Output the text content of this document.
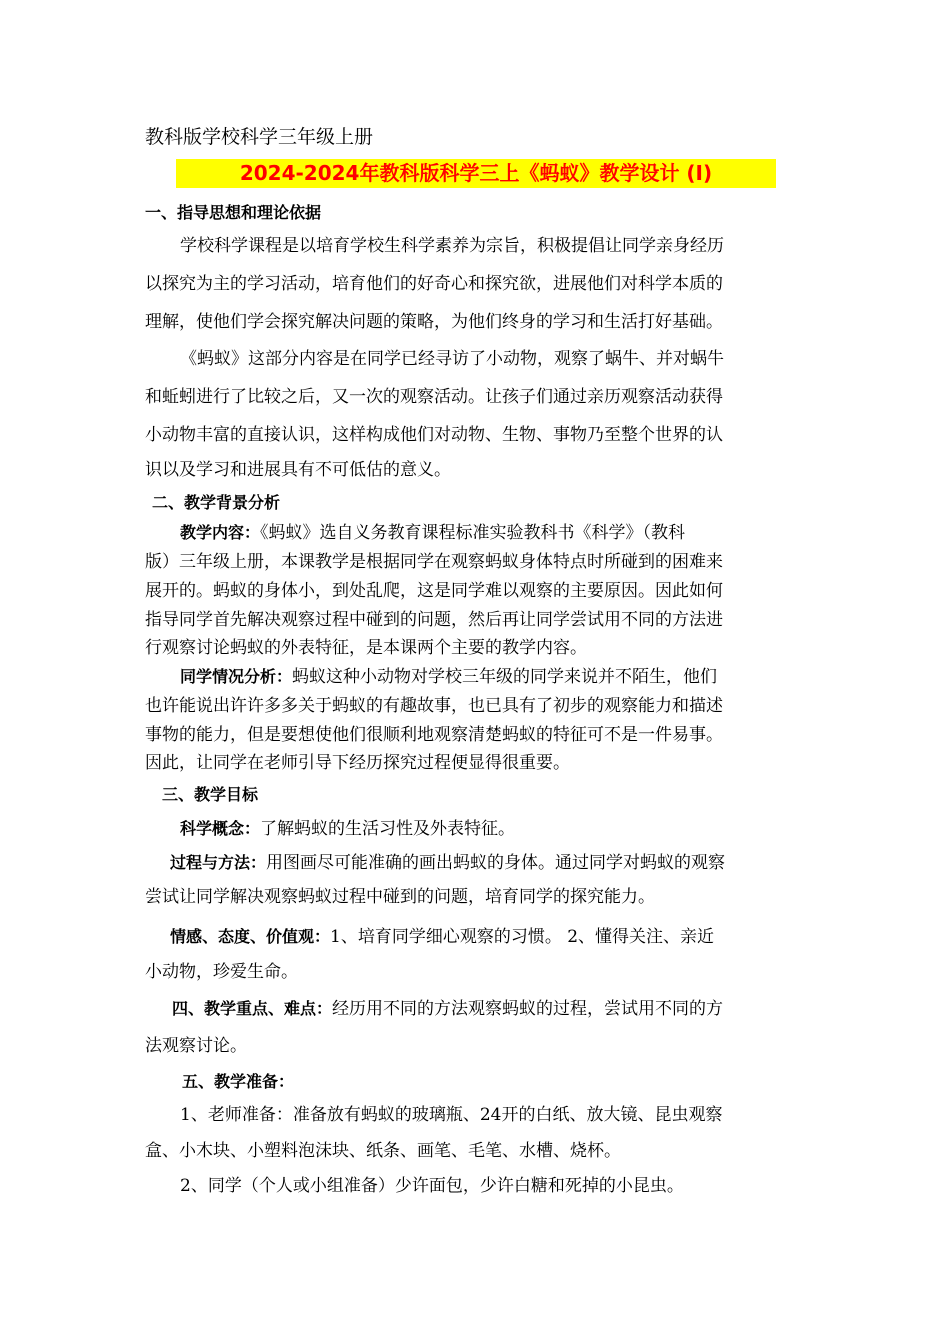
教科版学校科学三年级上册
2024-2024年教科版科学三上《蚂蚁》教学设计 (I)
一、指导思想和理论依据
学校科学课程是以培育学校生科学素养为宗旨，积极提倡让同学亲身经历
以探究为主的学习活动，培育他们的好奇心和探究欲，进展他们对科学本质的
理解，使他们学会探究解决问题的策略，为他们终身的学习和生活打好基础。
《蚂蚁》这部分内容是在同学已经寻访了小动物，观察了蜗牛、并对蜗牛
和蚯蚓进行了比较之后，又一次的观察活动。让孩子们通过亲历观察活动获得
小动物丰富的直接认识，这样构成他们对动物、生物、事物乃至整个世界的认
识以及学习和进展具有不可低估的意义。
二、教学背景分析
教学内容：《蚂蚁》选自义务教育课程标准实验教科书《科学》（教科
版）三年级上册，本课教学是根据同学在观察蚂蚁身体特点时所碰到的困难来
展开的。蚂蚁的身体小，到处乱爬，这是同学难以观察的主要原因。因此如何
指导同学首先解决观察过程中碰到的问题，然后再让同学尝试用不同的方法进
行观察讨论蚂蚁的外表特征，是本课两个主要的教学内容。
同学情况分析：蚂蚁这种小动物对学校三年级的同学来说并不陌生，他们
也许能说出许许多多关于蚂蚁的有趣故事，也已具有了初步的观察能力和描述
事物的能力，但是要想使他们很顺利地观察清楚蚂蚁的特征可不是一件易事。
因此，让同学在老师引导下经历探究过程便显得很重要。
三、教学目标
科学概念：了解蚂蚁的生活习性及外表特征。
过程与方法：用图画尽可能准确的画出蚂蚁的身体。通过同学对蚂蚁的观察
尝试让同学解决观察蚂蚁过程中碰到的问题，培育同学的探究能力。
情感、态度、价值观：1、培育同学细心观察的习惯。 2、懂得关注、亲近
小动物，珍爱生命。
四、教学重点、难点：经历用不同的方法观察蚂蚁的过程，尝试用不同的方
法观察讨论。
五、教学准备：
1、老师准备：准备放有蚂蚁的玻璃瓶、24开的白纸、放大镜、昆虫观察
盒、小木块、小塑料泡沫块、纸条、画笔、毛笔、水槽、烧杯。
2、同学（个人或小组准备）少许面包，少许白糖和死掉的小昆虫。
